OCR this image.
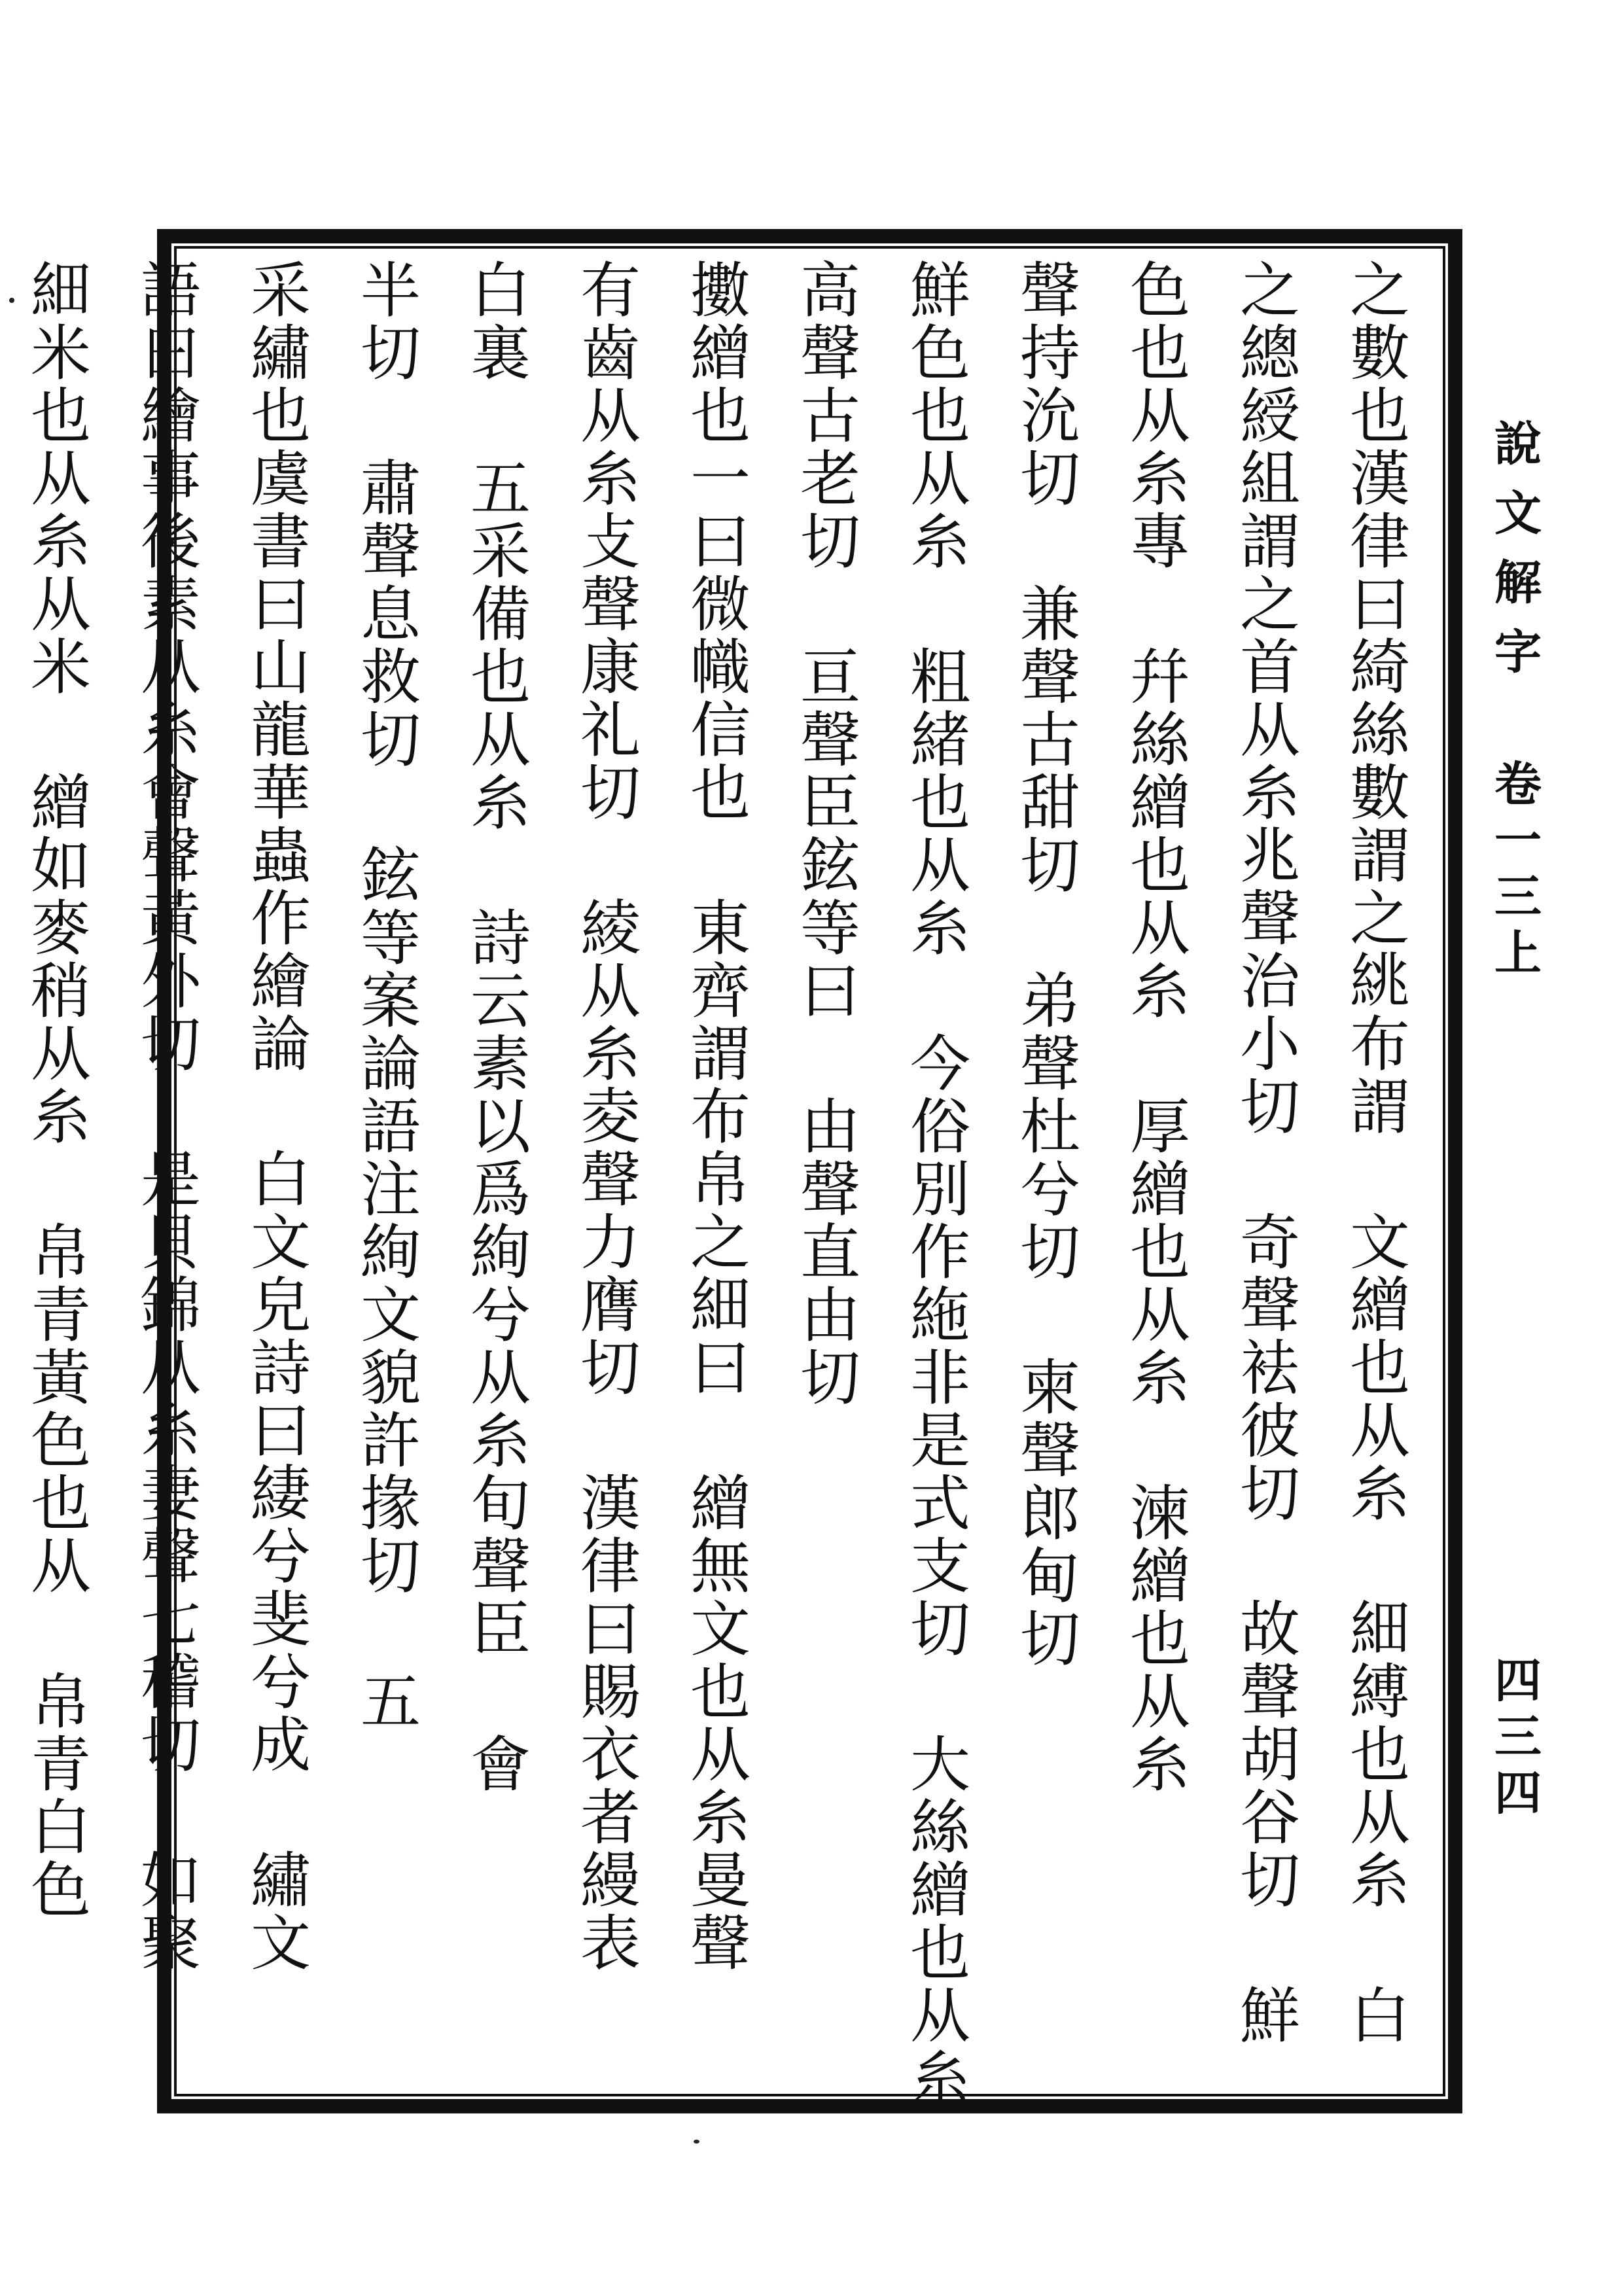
之數也漢律曰綺絲數謂之絩布謂 文繒也从糸 細縛也从糸 白
之總綬組謂之首从糸兆聲治小切 奇聲袪彼切 故聲胡谷切 鮮
色也从糸專 幷絲繒也从糸 厚繒也从糸 湅繒也从糸
聲持沇切 兼聲古甜切 弟聲杜兮切 柬聲郎甸切
鮮色也从糸 粗緒也从糸 今俗別作絁非是式支切 大絲繒也从糸
高聲古老切 亘聲臣鉉等曰 由聲直由切
擻繒也一曰微幟信也 東齊謂布帛之細曰 繒無文也从糸曼聲
有齒从糸攴聲康礼切 綾从糸夌聲力膺切 漢律曰賜衣者縵表
白裏 五采備也从糸 詩云素以爲絢兮从糸旬聲臣 會
半切 肅聲息救切 鉉等案論語注絢文貌許掾切 五
采繡也虞書曰山龍華蟲作繪論 白文皃詩曰緀兮斐兮成 繡文
語曰繪事後素从糸會聲黃外切 是貝錦从糸妻聲七稽切 如聚
細米也从糸从米 繒如麥稍从糸 帛青黃色也从 帛青白色	說文解字
卷一三上
四三四
